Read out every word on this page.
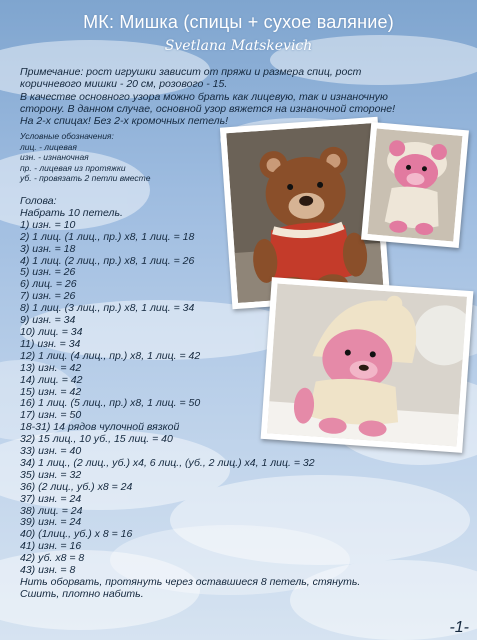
МК: Мишка (спицы + сухое валяние)
Svetlana Matskevich
Примечание: рост игрушки зависит от пряжи и размера спиц, рост
коричневого мишки - 20 см, розового - 15.
В качестве основного узора можно брать как лицевую, так и изнаночную
сторону. В данном случае, основной узор вяжется на изнаночной стороне!
На 2-х спицах! Без 2-х кромочных петель!
Условные обозначения:
лиц. - лицевая
изн. - изнаночная
пр. - лицевая из протяжки
уб. - провязать 2 петли вместе
Голова:
Набрать 10 петель.
1) изн. = 10
2) 1 лиц. (1 лиц., пр.) х8, 1 лиц. = 18
3) изн. = 18
4) 1 лиц. (2 лиц., пр.) х8, 1 лиц. = 26
5) изн. = 26
6) лиц. = 26
7) изн. = 26
8) 1 лиц. (3 лиц., пр.) х8, 1 лиц. = 34
9) изн. = 34
10) лиц. = 34
11) изн. = 34
12) 1 лиц. (4 лиц., пр.) х8, 1 лиц. = 42
13) изн. = 42
14) лиц. = 42
15) изн. = 42
16) 1 лиц. (5 лиц., пр.) х8, 1 лиц. = 50
17) изн. = 50
18-31) 14 рядов чулочной вязкой
32) 15 лиц., 10 уб., 15 лиц. = 40
33) изн. = 40
34) 1 лиц., (2 лиц., уб.) х4, 6 лиц., (уб., 2 лиц.) х4, 1 лиц. = 32
35) изн. = 32
36) (2 лиц., уб.) х8 = 24
37) изн. = 24
38) лиц. = 24
39) изн. = 24
40) (1лиц., уб.) х 8 = 16
41) изн. = 16
42) уб. х8 = 8
43) изн. = 8
Нить оборвать, протянуть через оставшиеся 8 петель, стянуть.
Сшить, плотно набить.
-1-
